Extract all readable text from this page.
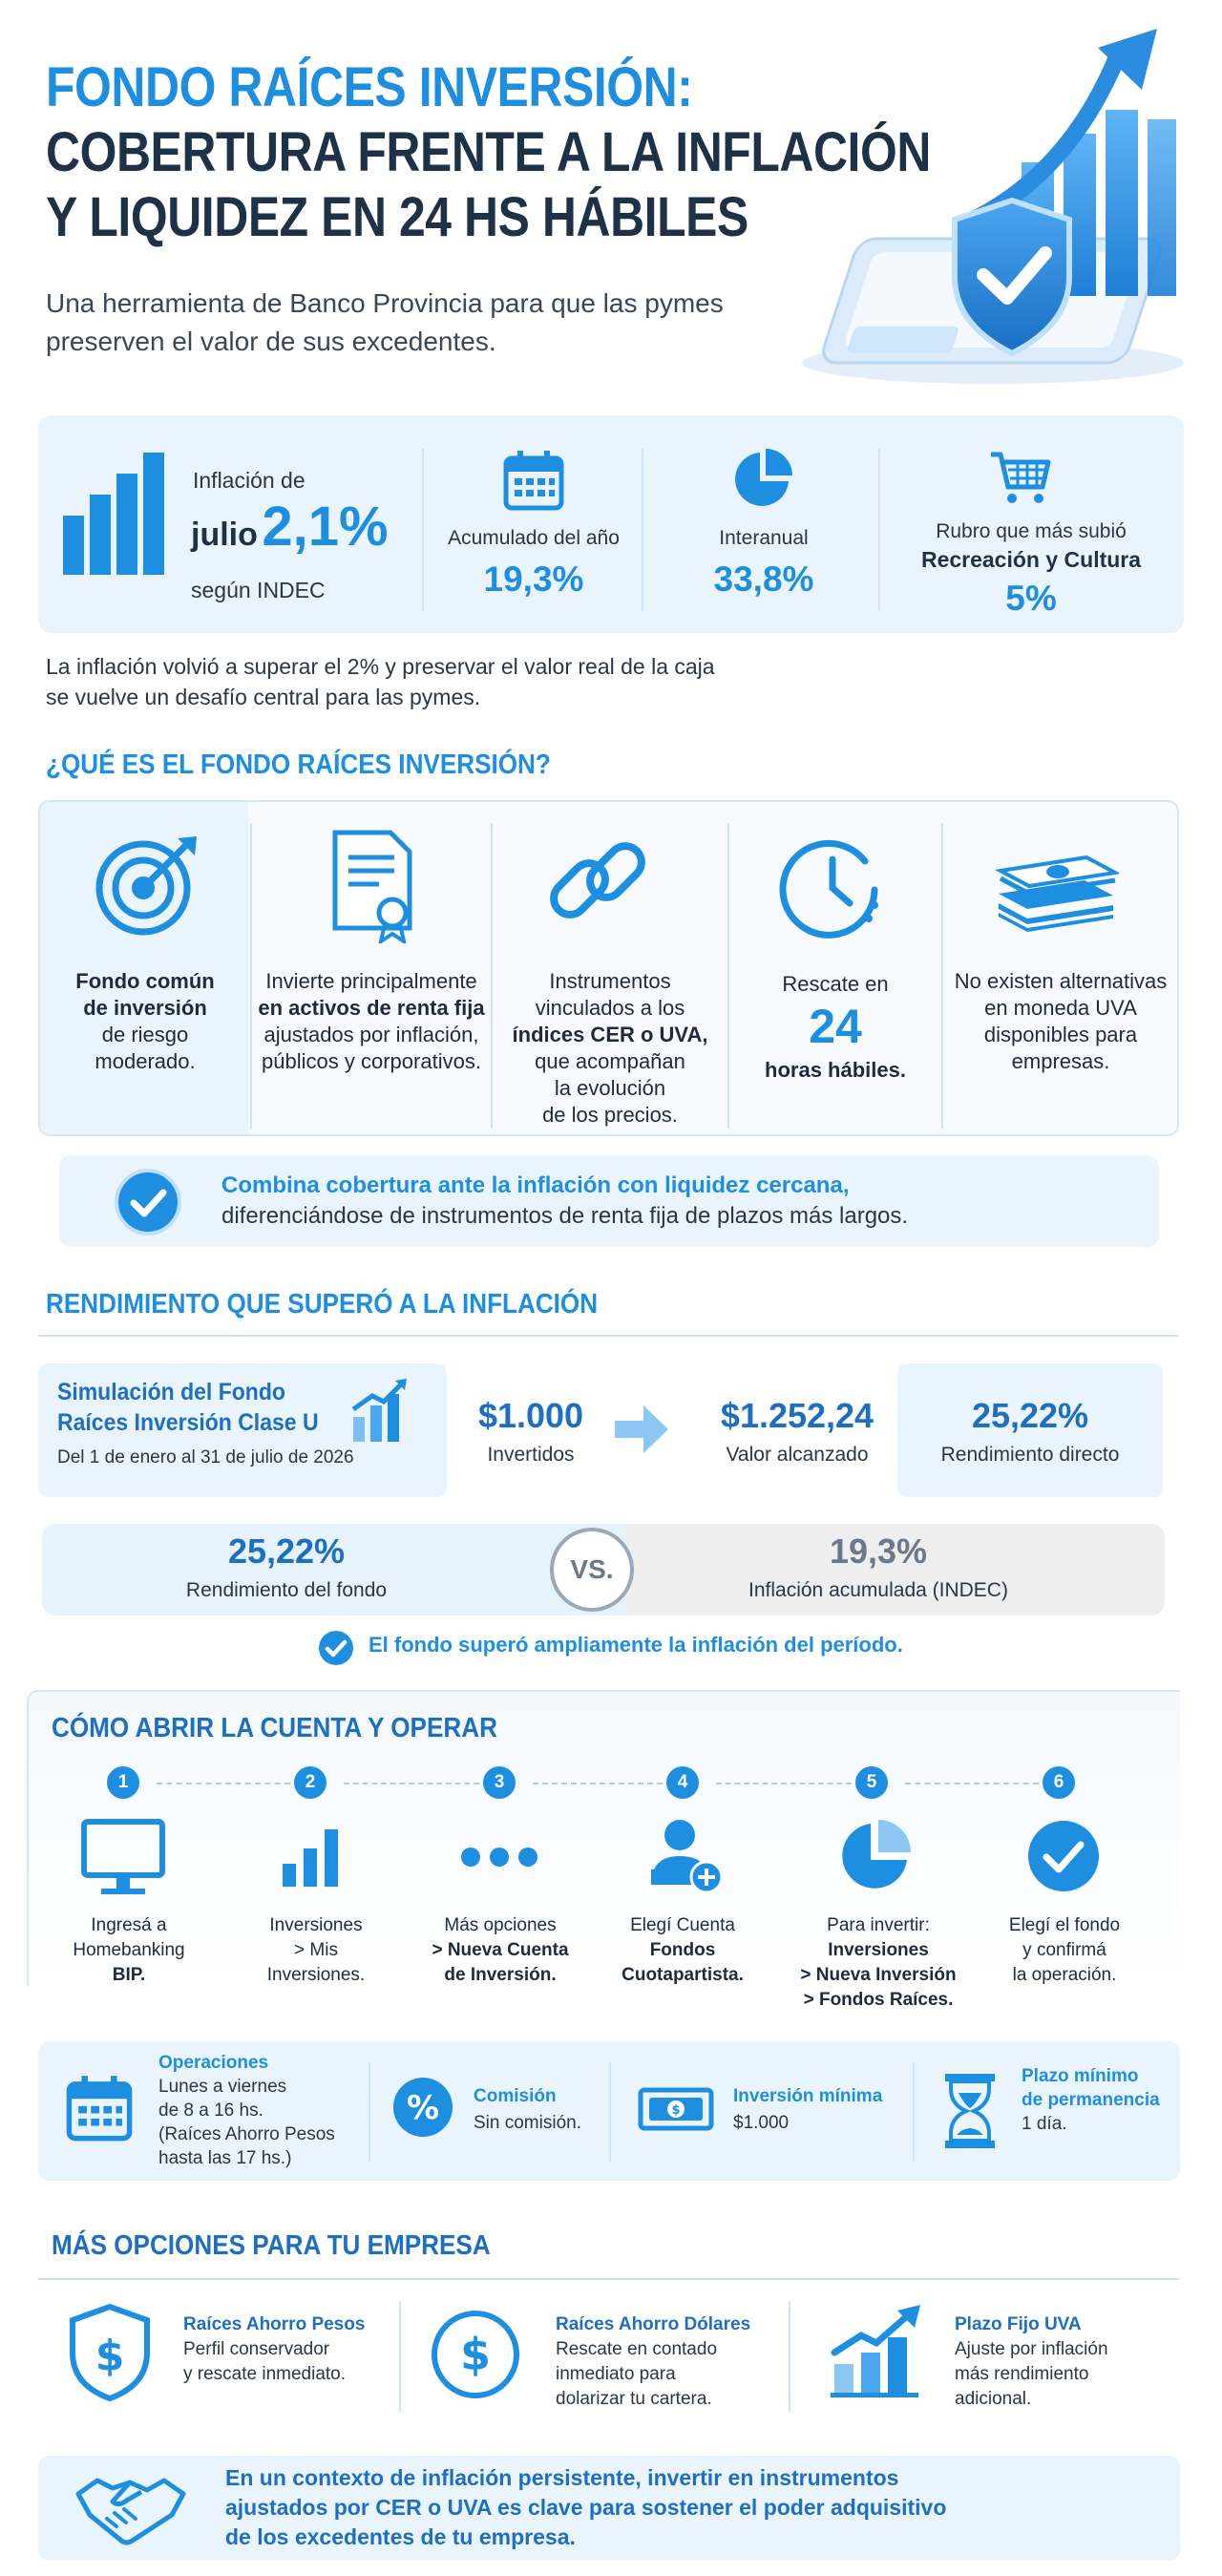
FONDO RAÍCES INVERSIÓN:
COBERTURA FRENTE A LA INFLACIÓN
Y LIQUIDEZ EN 24 HS HÁBILES
Una herramienta de Banco Provincia para que las pymes
preserven el valor de sus excedentes.
Inflación de
julio 2,1%
según INDEC
Acumulado del año
19,3%
Interanual
33,8%
Rubro que más subió
Recreación y Cultura
5%
La inflación volvió a superar el 2% y preservar el valor real de la caja
se vuelve un desafío central para las pymes.
¿QUÉ ES EL FONDO RAÍCES INVERSIÓN?
Fondo común
de inversión
de riesgo
moderado.
Invierte principalmente
en activos de renta fija
ajustados por inflación,
públicos y corporativos.
Instrumentos
vinculados a los
índices CER o UVA,
que acompañan
la evolución
de los precios.
Rescate en
24
horas hábiles.
No existen alternativas
en moneda UVA
disponibles para
empresas.
Combina cobertura ante la inflación con liquidez cercana,
diferenciándose de instrumentos de renta fija de plazos más largos.
RENDIMIENTO QUE SUPERÓ A LA INFLACIÓN
Simulación del Fondo
Raíces Inversión Clase U
Del 1 de enero al 31 de julio de 2026
$1.000
Invertidos
$1.252,24
Valor alcanzado
25,22%
Rendimiento directo
25,22%
Rendimiento del fondo
VS.	19,3%
Inflación acumulada (INDEC)
El fondo superó ampliamente la inflación del período.
CÓMO ABRIR LA CUENTA Y OPERAR
1	2	3	4	5	6
Ingresá a
Homebanking
BIP.
Inversiones
> Mis
Inversiones.
Más opciones
> Nueva Cuenta
de Inversión.
Elegí Cuenta
Fondos
Cuotapartista.
Para invertir:
Inversiones
> Nueva Inversión
> Fondos Raíces.
Elegí el fondo
y confirmá
la operación.
Operaciones
Lunes a viernes
de 8 a 16 hs.
(Raíces Ahorro Pesos
hasta las 17 hs.)
% Comisión
Sin comisión.
$
Inversión mínima
$1.000
Plazo mínimo
de permanencia
1 día.
MÁS OPCIONES PARA TU EMPRESA
$
Raíces Ahorro Pesos
Perfil conservador
y rescate inmediato.	$
Raíces Ahorro Dólares
Rescate en contado
inmediato para
dolarizar tu cartera.
Plazo Fijo UVA
Ajuste por inflación
más rendimiento
adicional.
En un contexto de inflación persistente, invertir en instrumentos
ajustados por CER o UVA es clave para sostener el poder adquisitivo
de los excedentes de tu empresa.
